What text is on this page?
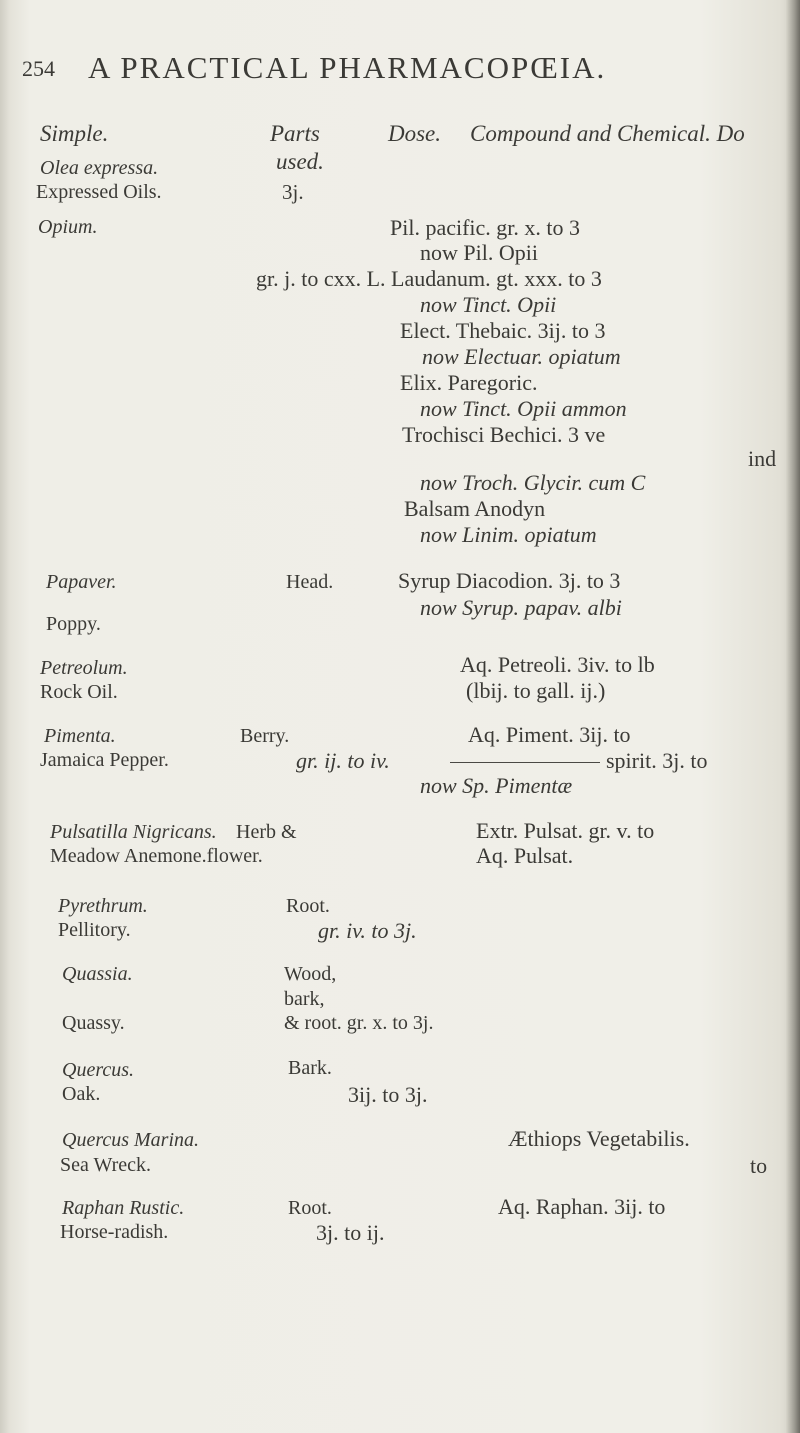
254 A PRACTICAL PHARMACOPŒIA.
Simple.	Parts
used.
Dose. Compound and Chemical. Do
Olea expressa.
Expressed Oils.	3j.
Opium.	Pil. pacific. gr. x. to 3
now Pil. Opii
gr. j. to cxx. L. Laudanum. gt. xxx. to 3
now Tinct. Opii
Elect. Thebaic. 3ij. to 3
now Electuar. opiatum
Elix. Paregoric.
now Tinct. Opii ammon
Trochisci Bechici. 3 ve
ind
now Troch. Glycir. cum C
Balsam Anodyn
now Linim. opiatum
Papaver.	Head.	Syrup Diacodion. 3j. to 3
now Syrup. papav. albi
Poppy.
Petreolum.	Aq. Petreoli. 3iv. to lb
Rock Oil.	(lbij. to gall. ij.)
Pimenta.	Berry.	Aq. Piment. 3ij. to
Jamaica Pepper.	gr. ij. to iv.	spirit. 3j. to
now Sp. Pimentæ
Pulsatilla Nigricans. Herb &	Extr. Pulsat. gr. v. to
Meadow Anemone.flower.	Aq. Pulsat.
Pyrethrum.	Root.
Pellitory.	gr. iv. to 3j.
Quassia.	Wood,
bark,
Quassy.	& root. gr. x. to 3j.
Quercus.	Bark.
Oak.	3ij. to 3j.
Quercus Marina.	Æthiops Vegetabilis.
Sea Wreck.	to
Raphan Rustic.	Root.	Aq. Raphan. 3ij. to
Horse-radish.	3j. to ij.
